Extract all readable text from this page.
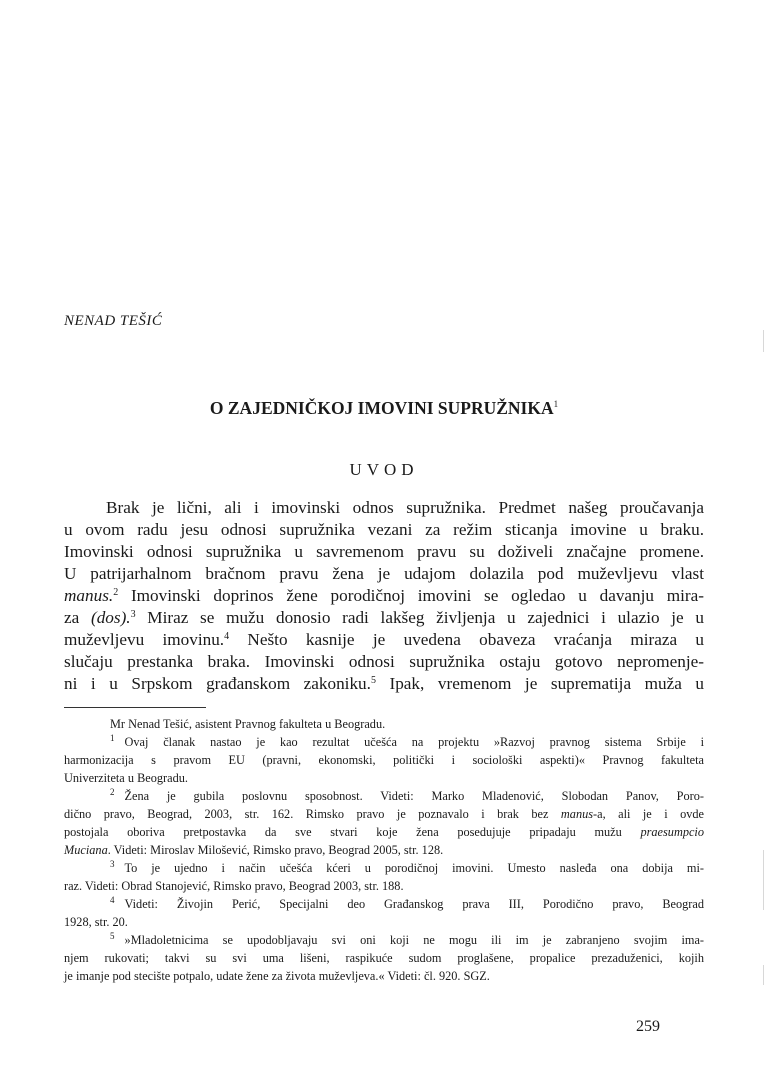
NENAD TEŠIĆ
O ZAJEDNIČKOJ IMOVINI SUPRUŽNIKA$^1$
UVOD
Brak je lični, ali i imovinski odnos supružnika. Predmet našeg proučavanja
u ovom radu jesu odnosi supružnika vezani za režim sticanja imovine u braku.
Imovinski odnosi supružnika u savremenom pravu su doživeli značajne promene.
U patrijarhalnom bračnom pravu žena je udajom dolazila pod muževljevu vlast
manus.$^2$ Imovinski doprinos žene porodičnoj imovini se ogledao u davanju mira-
za (dos).$^3$ Miraz se mužu donosio radi lakšeg življenja u zajednici i ulazio je u
muževljevu imovinu.$^4$ Nešto kasnije je uvedena obaveza vraćanja miraza u
slučaju prestanka braka. Imovinski odnosi supružnika ostaju gotovo nepromenje-
ni i u Srpskom građanskom zakoniku.$^5$ Ipak, vremenom je suprematija muža u
Mr Nenad Tešić, asistent Pravnog fakulteta u Beogradu.
1 Ovaj članak nastao je kao rezultat učešća na projektu »Razvoj pravnog sistema Srbije i
harmonizacija s pravom EU (pravni, ekonomski, politički i sociološki aspekti)« Pravnog fakulteta
Univerziteta u Beogradu.
2 Žena je gubila poslovnu sposobnost. Videti: Marko Mladenović, Slobodan Panov, Poro-
dično pravo, Beograd, 2003, str. 162. Rimsko pravo je poznavalo i brak bez manus-a, ali je i ovde
postojala oboriva pretpostavka da sve stvari koje žena posedujuje pripadaju mužu praesumpcio
Muciana. Videti: Miroslav Milošević, Rimsko pravo, Beograd 2005, str. 128.
3 To je ujedno i način učešća kćeri u porodičnoj imovini. Umesto nasleđa ona dobija mi-
raz. Videti: Obrad Stanojević, Rimsko pravo, Beograd 2003, str. 188.
4 Videti: Živojin Perić, Specijalni deo Građanskog prava III, Porodično pravo, Beograd
1928, str. 20.
5 »Mladoletnicima se upodobljavaju svi oni koji ne mogu ili im je zabranjeno svojim ima-
njem rukovati; takvi su svi uma lišeni, raspikuće sudom proglašene, propalice prezaduženici, kojih
je imanje pod stecište potpalo, udate žene za života muževljeva.« Videti: čl. 920. SGZ.
259
